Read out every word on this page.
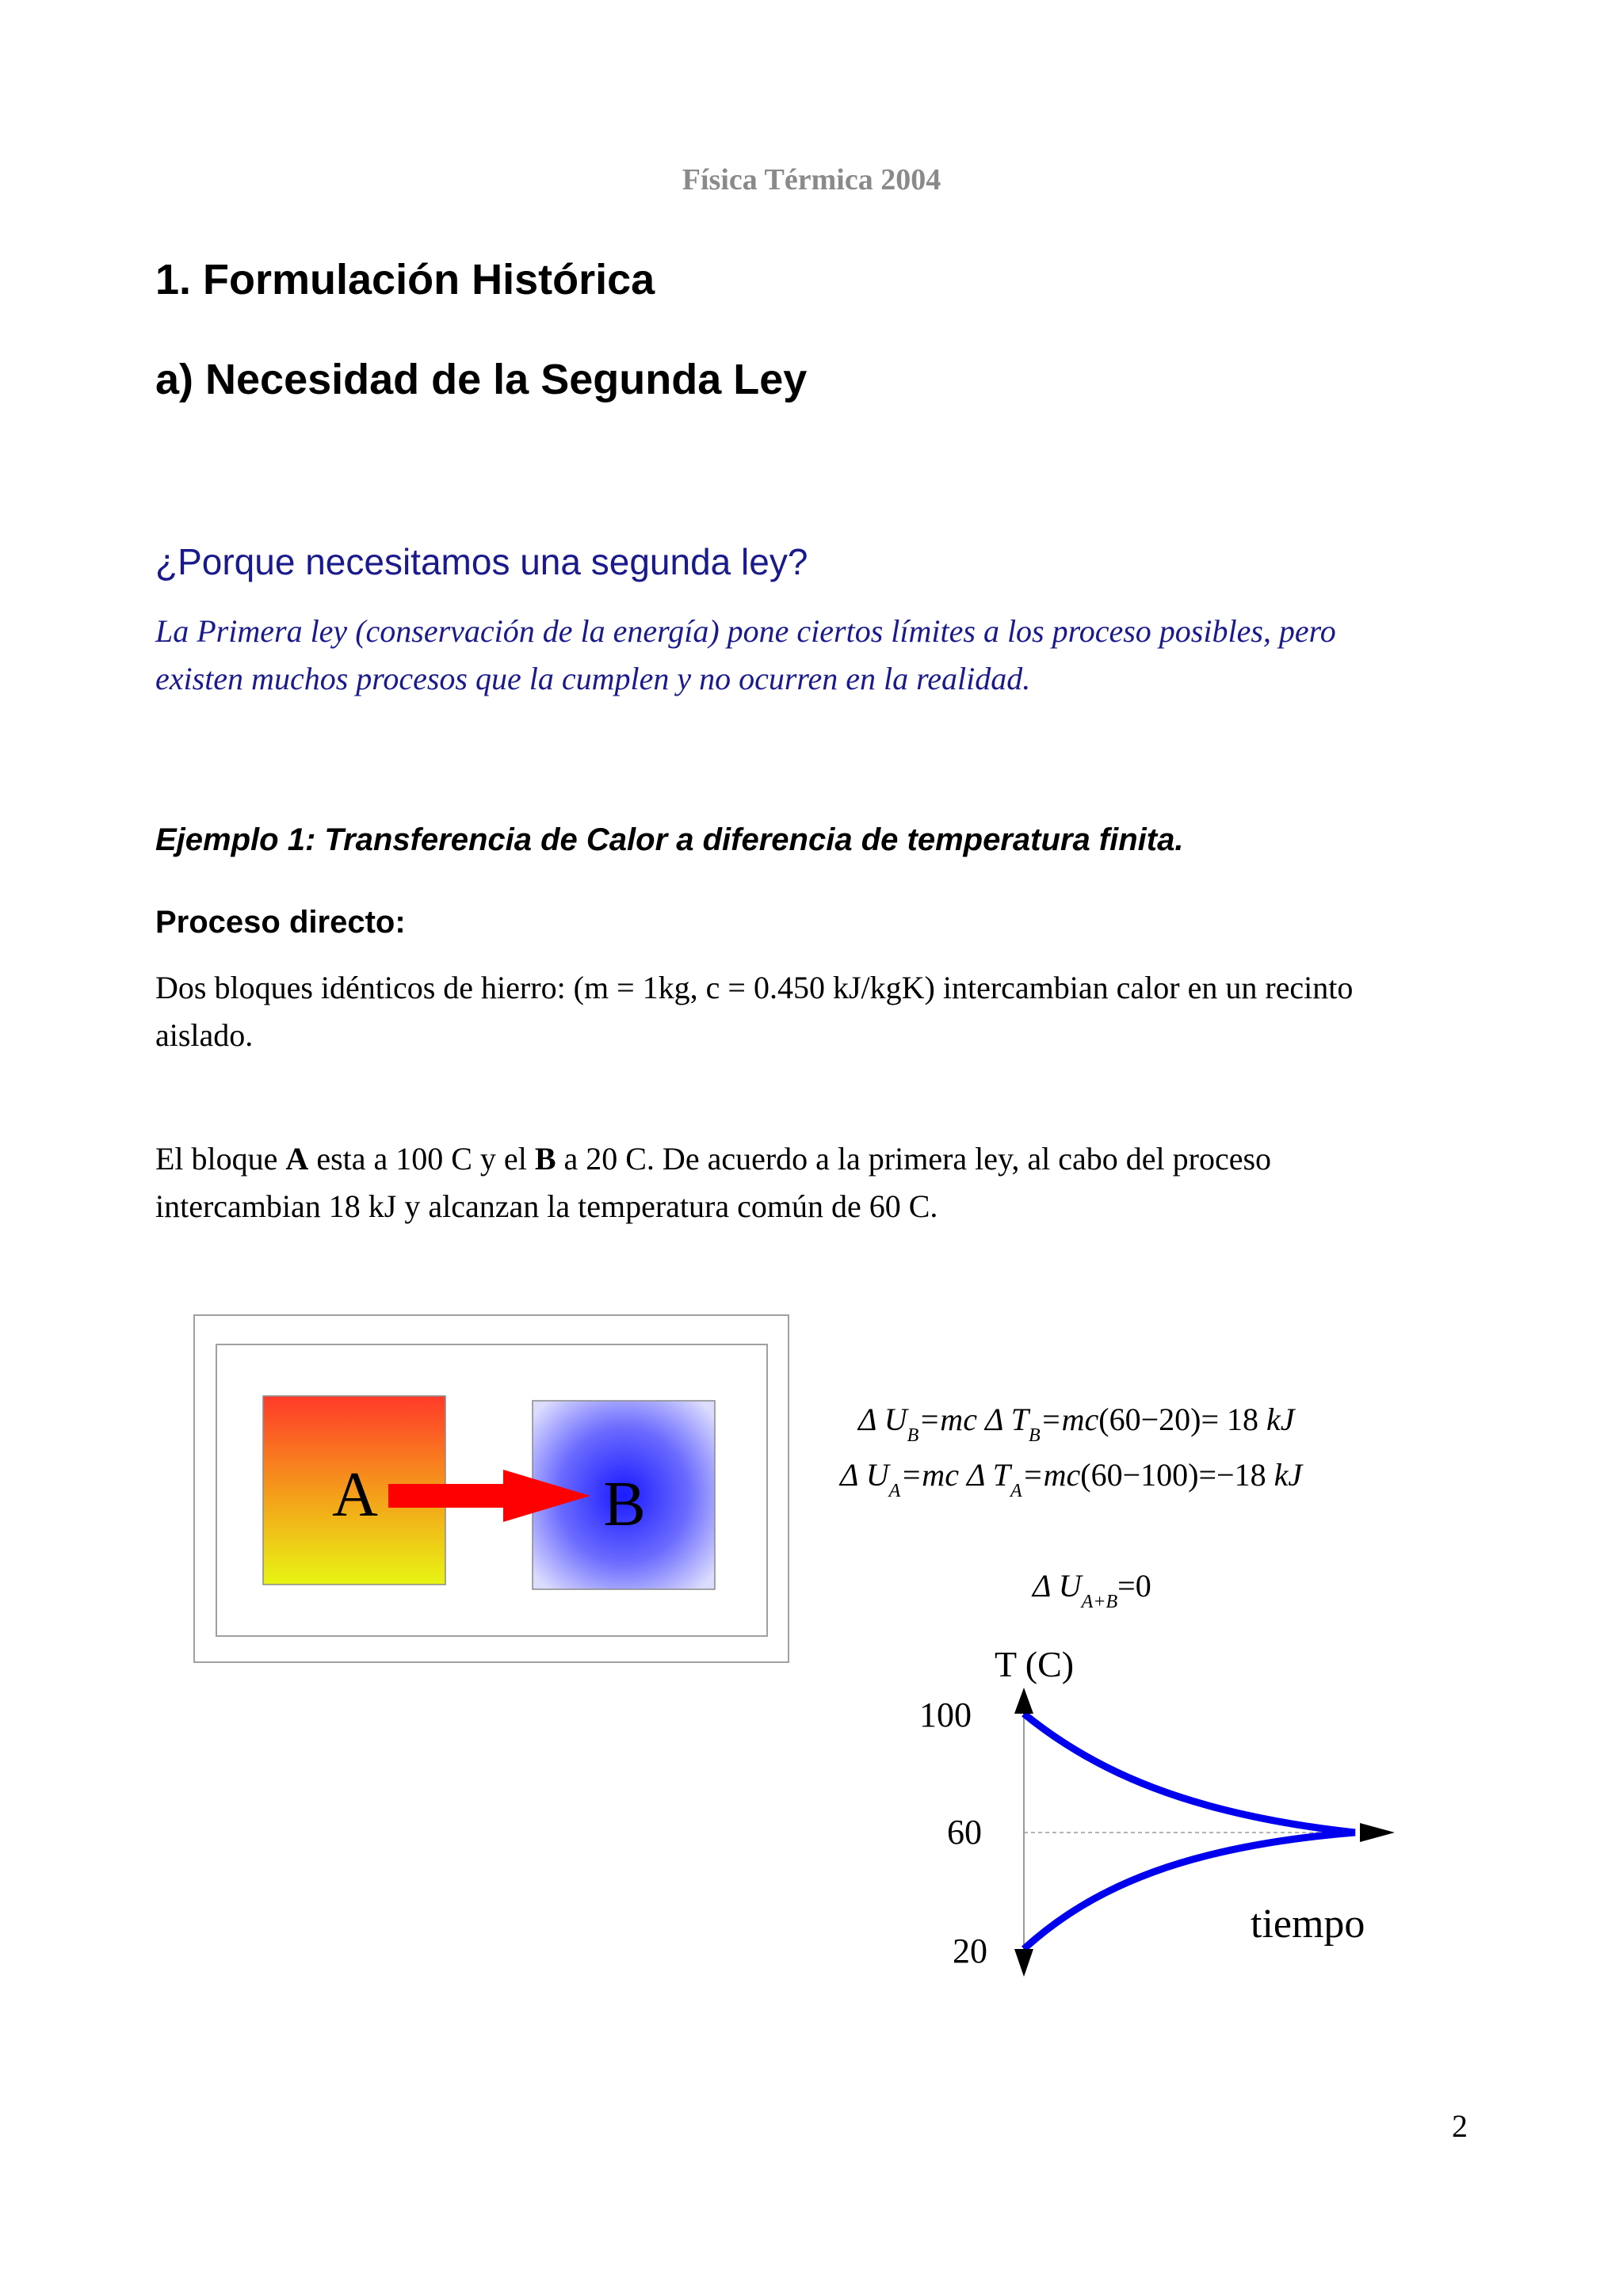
Física Térmica 2004
1. Formulación Histórica
a) Necesidad de la Segunda Ley
¿Porque necesitamos una segunda ley?
La Primera ley (conservación de la energía) pone ciertos límites a los proceso posibles, pero
existen muchos procesos que la cumplen y no ocurren en la realidad.
Ejemplo 1: Transferencia de Calor a diferencia de temperatura finita.
Proceso directo:
Dos bloques idénticos de hierro: (m = 1kg, c = 0.450 kJ/kgK) intercambian calor en un recinto
aislado.
El bloque A esta a 100 C y el B a 20 C. De acuerdo a la primera ley, al cabo del proceso
intercambian 18 kJ y alcanzan la temperatura común de 60 C.
A	B
Δ $U_B=mc$ Δ $T_B=mc(60-20)= 18$ kJ
Δ $U_A=mc$ Δ $T_A=mc(60-100)=-18$ kJ
Δ $U_{A+B}=0$
T (C)
100
60
20
tiempo
2
